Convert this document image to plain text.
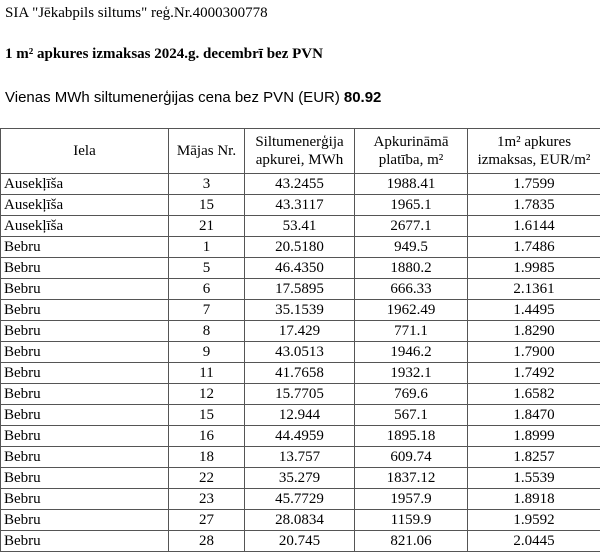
SIA "Jēkabpils siltums" reģ.Nr.4000300778
1 m² apkures izmaksas 2024.g. decembrī bez PVN
Vienas MWh siltumenerģijas cena bez PVN (EUR) 80.92
Iela	Mājas Nr.	Siltumenerģija apkurei, MWh	Apkurināmā platība, m²	1m² apkures izmaksas, EUR/m²
Ausekļīša	3	43.2455	1988.41	1.7599
Ausekļīša	15	43.3117	1965.1	1.7835
Ausekļīša	21	53.41	2677.1	1.6144
Bebru	1	20.5180	949.5	1.7486
Bebru	5	46.4350	1880.2	1.9985
Bebru	6	17.5895	666.33	2.1361
Bebru	7	35.1539	1962.49	1.4495
Bebru	8	17.429	771.1	1.8290
Bebru	9	43.0513	1946.2	1.7900
Bebru	11	41.7658	1932.1	1.7492
Bebru	12	15.7705	769.6	1.6582
Bebru	15	12.944	567.1	1.8470
Bebru	16	44.4959	1895.18	1.8999
Bebru	18	13.757	609.74	1.8257
Bebru	22	35.279	1837.12	1.5539
Bebru	23	45.7729	1957.9	1.8918
Bebru	27	28.0834	1159.9	1.9592
Bebru	28	20.745	821.06	2.0445
